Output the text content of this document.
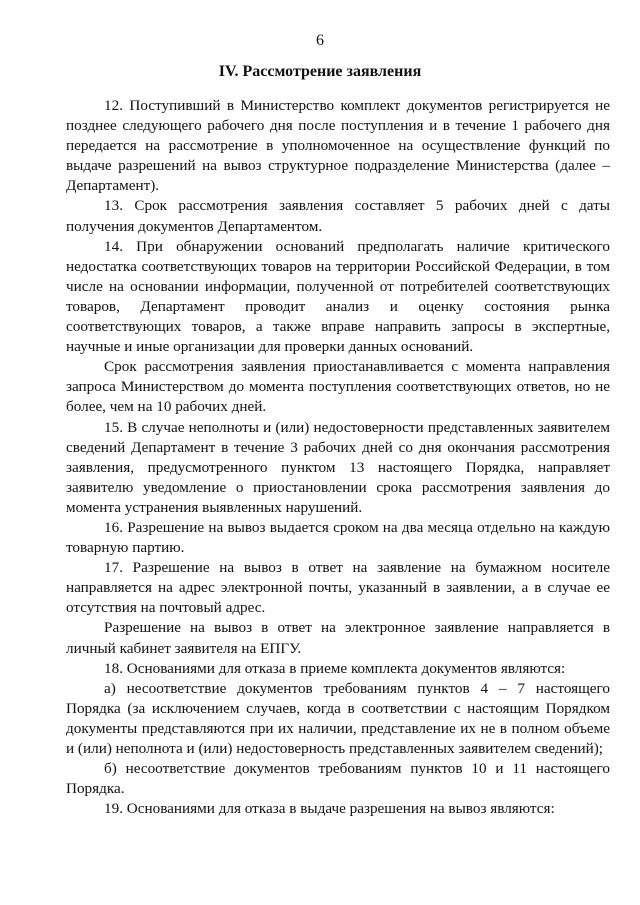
6
IV. Рассмотрение заявления

12. Поступивший в Министерство комплект документов регистрируется не позднее следующего рабочего дня после поступления и в течение 1 рабочего дня передается на рассмотрение в уполномоченное на осуществление функций по выдаче разрешений на вывоз структурное подразделение Министерства (далее – Департамент).

13. Срок рассмотрения заявления составляет 5 рабочих дней с даты получения документов Департаментом.

14. При обнаружении оснований предполагать наличие критического недостатка соответствующих товаров на территории Российской Федерации, в том числе на основании информации, полученной от потребителей соответствующих товаров, Департамент проводит анализ и оценку состояния рынка соответствующих товаров, а также вправе направить запросы в экспертные, научные и иные организации для проверки данных оснований.

Срок рассмотрения заявления приостанавливается с момента направления запроса Министерством до момента поступления соответствующих ответов, но не более, чем на 10 рабочих дней.

15. В случае неполноты и (или) недостоверности представленных заявителем сведений Департамент в течение 3 рабочих дней со дня окончания рассмотрения заявления, предусмотренного пунктом 13 настоящего Порядка, направляет заявителю уведомление о приостановлении срока рассмотрения заявления до момента устранения выявленных нарушений.

16. Разрешение на вывоз выдается сроком на два месяца отдельно на каждую товарную партию.

17. Разрешение на вывоз в ответ на заявление на бумажном носителе направляется на адрес электронной почты, указанный в заявлении, а в случае ее отсутствия на почтовый адрес.

Разрешение на вывоз в ответ на электронное заявление направляется в личный кабинет заявителя на ЕПГУ.

18. Основаниями для отказа в приеме комплекта документов являются:

а) несоответствие документов требованиям пунктов 4 – 7 настоящего Порядка (за исключением случаев, когда в соответствии с настоящим Порядком документы представляются при их наличии, представление их не в полном объеме и (или) неполнота и (или) недостоверность представленных заявителем сведений);

б) несоответствие документов требованиям пунктов 10 и 11 настоящего Порядка.

19. Основаниями для отказа в выдаче разрешения на вывоз являются:
